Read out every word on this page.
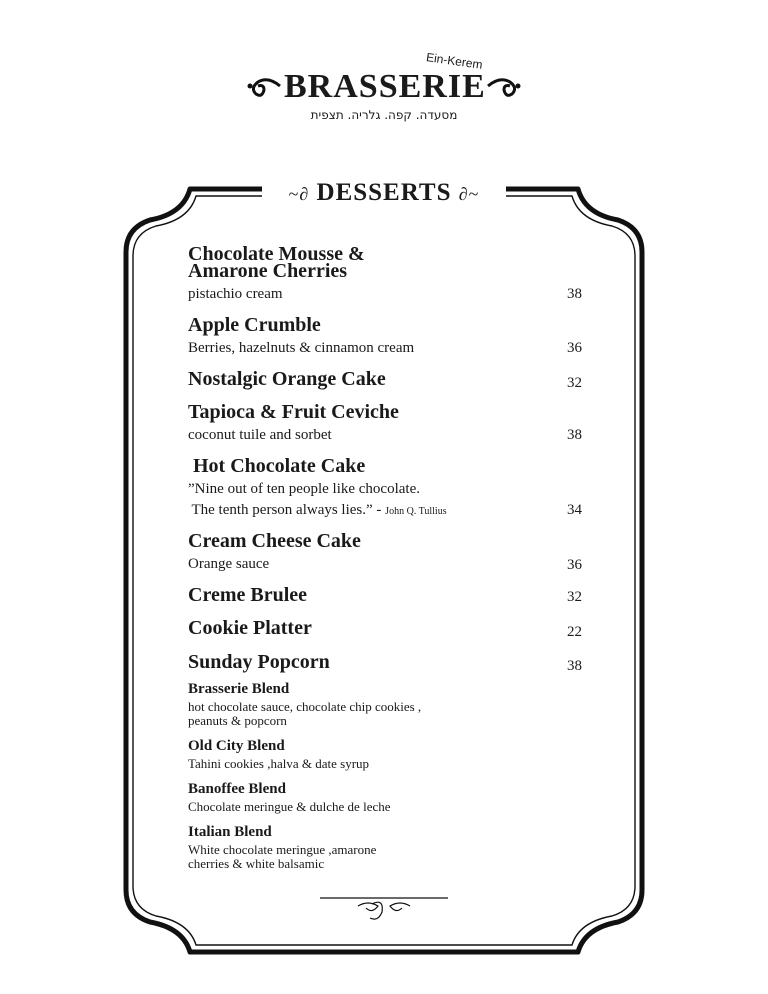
Ein-Kerem
BRASSERIE
מסעדה. קפה. גלריה. תצפית
~∂ DESSERTS ∂~
Chocolate Mousse &
Amarone Cherries
pistachio cream	38
Apple Crumble
Berries, hazelnuts & cinnamon cream	36
Nostalgic Orange Cake	32
Tapioca & Fruit Ceviche
coconut tuile and sorbet	38
Hot Chocolate Cake
”Nine out of ten people like chocolate.
The tenth person always lies.” - John Q. Tullius	34
Cream Cheese Cake
Orange sauce	36
Creme Brulee	32
Cookie Platter	22
Sunday Popcorn	38
Brasserie Blend
hot chocolate sauce, chocolate chip cookies ,
peanuts & popcorn
Old City Blend
Tahini cookies ,halva & date syrup
Banoffee Blend
Chocolate meringue & dulche de leche
Italian Blend
White chocolate meringue ,amarone
cherries & white balsamic
